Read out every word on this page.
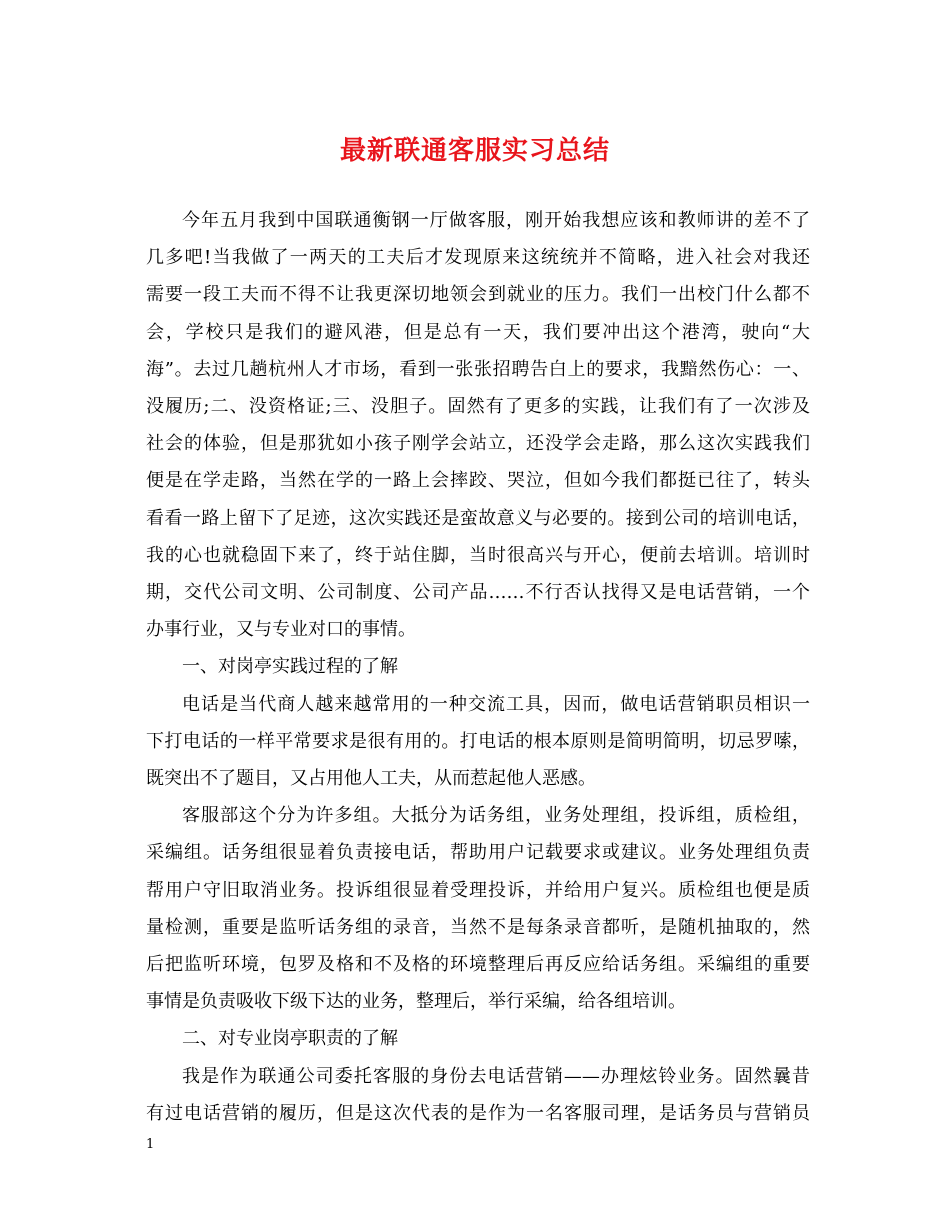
最新联通客服实习总结
今年五月我到中国联通衡钢一厅做客服，刚开始我想应该和教师讲的差不了
几多吧!当我做了一两天的工夫后才发现原来这统统并不简略，进入社会对我还
需要一段工夫而不得不让我更深切地领会到就业的压力。我们一出校门什么都不
会，学校只是我们的避风港，但是总有一天，我们要冲出这个港湾，驶向“大
海”。去过几趟杭州人才市场，看到一张张招聘告白上的要求，我黯然伤心：一、
没履历;二、没资格证;三、没胆子。固然有了更多的实践，让我们有了一次涉及
社会的体验，但是那犹如小孩子刚学会站立，还没学会走路，那么这次实践我们
便是在学走路，当然在学的一路上会摔跤、哭泣，但如今我们都挺已往了，转头
看看一路上留下了足迹，这次实践还是蛮故意义与必要的。接到公司的培训电话，
我的心也就稳固下来了，终于站住脚，当时很高兴与开心，便前去培训。培训时
期，交代公司文明、公司制度、公司产品……不行否认找得又是电话营销，一个
办事行业，又与专业对口的事情。
一、对岗亭实践过程的了解
电话是当代商人越来越常用的一种交流工具，因而，做电话营销职员相识一
下打电话的一样平常要求是很有用的。打电话的根本原则是简明简明，切忌罗嗦，
既突出不了题目，又占用他人工夫，从而惹起他人恶感。
客服部这个分为许多组。大抵分为话务组，业务处理组，投诉组，质检组，
采编组。话务组很显着负责接电话，帮助用户记载要求或建议。业务处理组负责
帮用户守旧取消业务。投诉组很显着受理投诉，并给用户复兴。质检组也便是质
量检测，重要是监听话务组的录音，当然不是每条录音都听，是随机抽取的，然
后把监听环境，包罗及格和不及格的环境整理后再反应给话务组。采编组的重要
事情是负责吸收下级下达的业务，整理后，举行采编，给各组培训。
二、对专业岗亭职责的了解
我是作为联通公司委托客服的身份去电话营销——办理炫铃业务。固然曩昔
有过电话营销的履历，但是这次代表的是作为一名客服司理，是话务员与营销员
1
